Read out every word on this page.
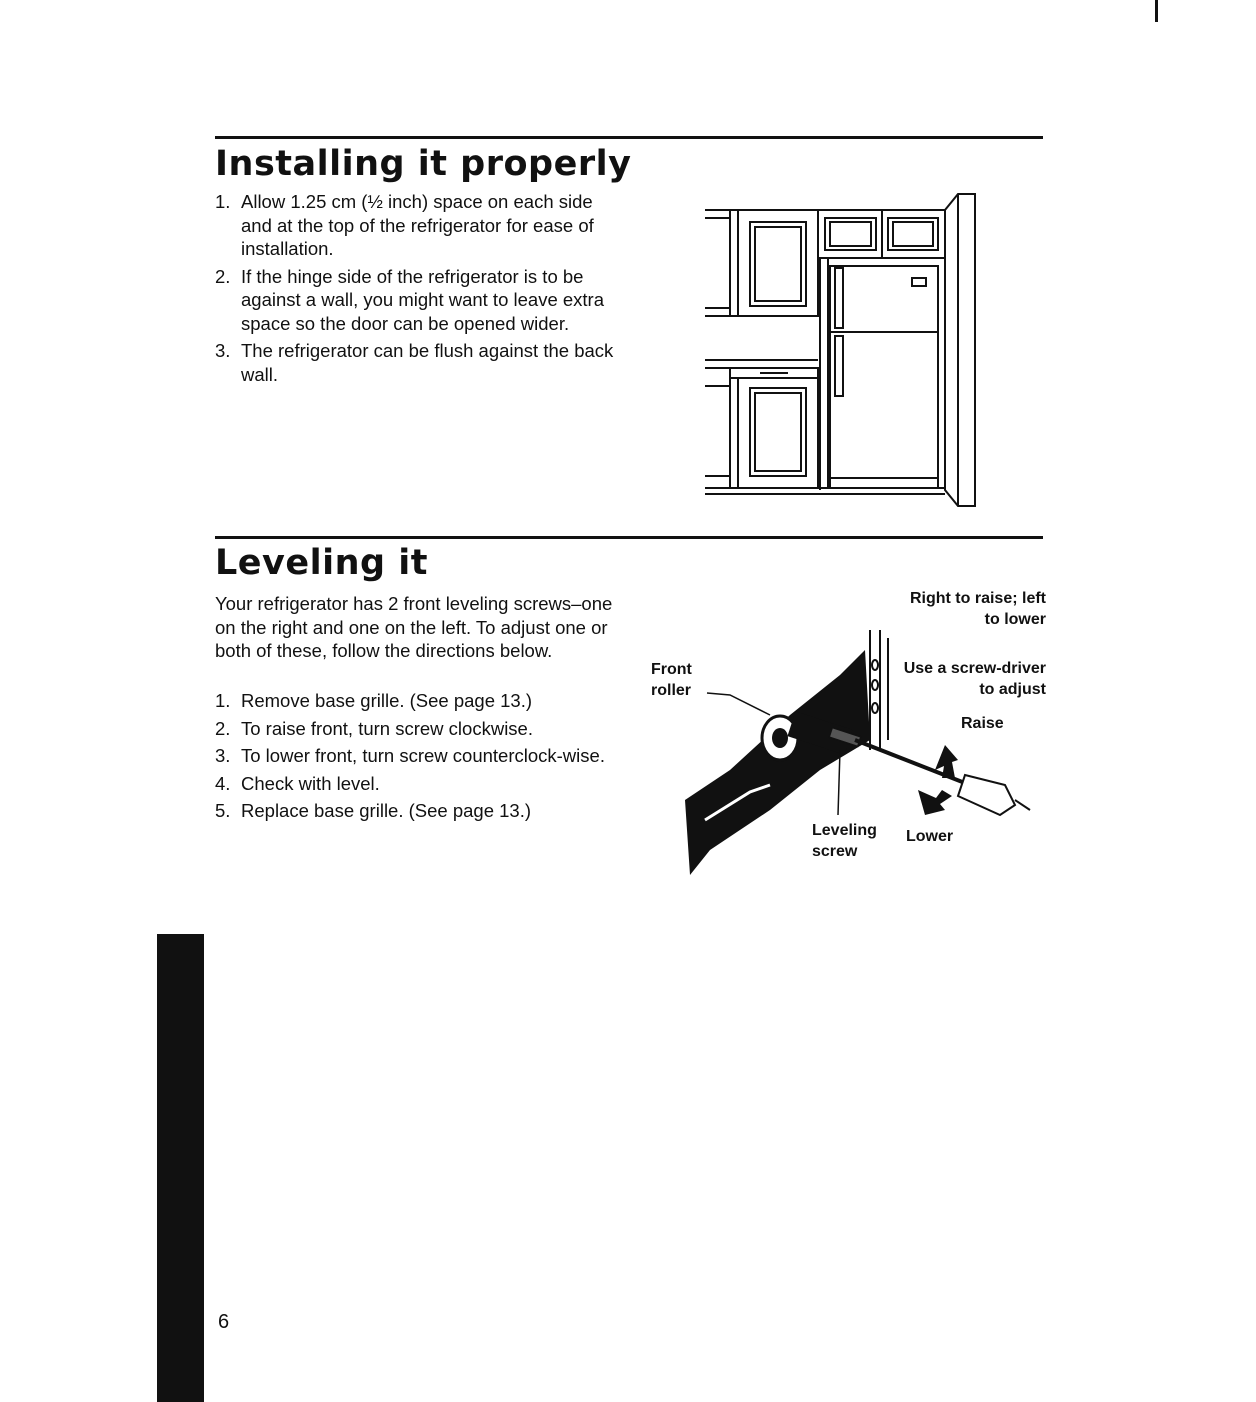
Installing it properly
1. Allow 1.25 cm (½ inch) space on each side and at the top of the refrigerator for ease of installation.
2. If the hinge side of the refrigerator is to be against a wall, you might want to leave extra space so the door can be opened wider.
3. The refrigerator can be flush against the back wall.
Leveling it

Your refrigerator has 2 front leveling screws–one on the right and one on the left. To adjust one or both of these, follow the directions below.

1. Remove base grille. (See page 13.)
2. To raise front, turn screw clockwise.
3. To lower front, turn screw counterclock-wise.
4. Check with level.
5. Replace base grille. (See page 13.)

Right to raise; left to lower

Use a screw-driver to adjust

Front roller

Raise

Lower

Leveling screw

6
